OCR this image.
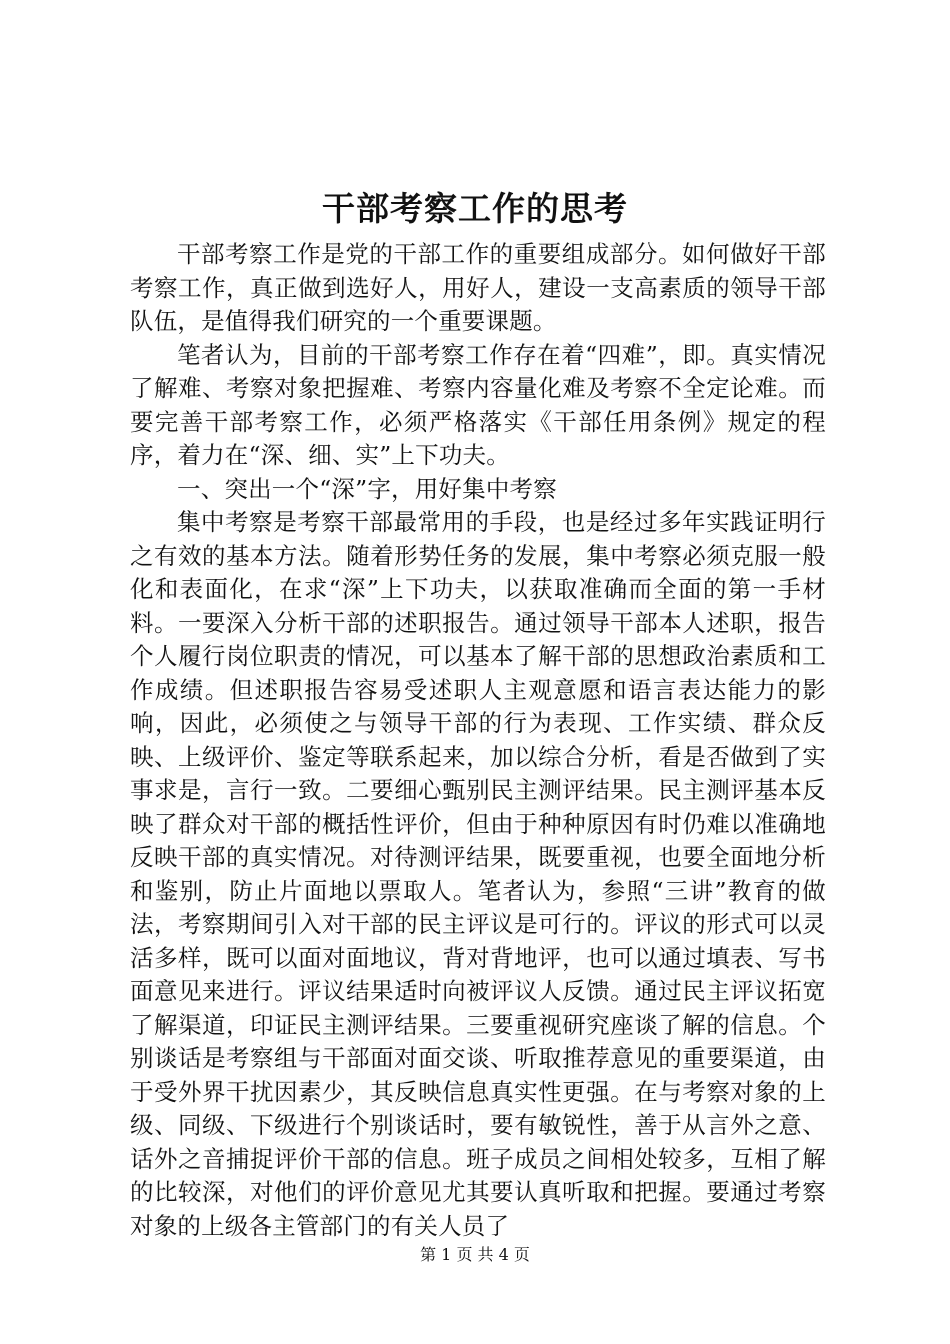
干部考察工作的思考

干部考察工作是党的干部工作的重要组成部分。如何做好干部考察工作，真正做到选好人，用好人，建设一支高素质的领导干部队伍，是值得我们研究的一个重要课题。

笔者认为，目前的干部考察工作存在着“四难”，即。真实情况了解难、考察对象把握难、考察内容量化难及考察不全定论难。而要完善干部考察工作，必须严格落实《干部任用条例》规定的程序，着力在“深、细、实”上下功夫。

一、突出一个“深”字，用好集中考察

集中考察是考察干部最常用的手段，也是经过多年实践证明行之有效的基本方法。随着形势任务的发展，集中考察必须克服一般化和表面化，在求“深”上下功夫，以获取准确而全面的第一手材料。一要深入分析干部的述职报告。通过领导干部本人述职，报告个人履行岗位职责的情况，可以基本了解干部的思想政治素质和工作成绩。但述职报告容易受述职人主观意愿和语言表达能力的影响，因此，必须使之与领导干部的行为表现、工作实绩、群众反映、上级评价、鉴定等联系起来，加以综合分析，看是否做到了实事求是，言行一致。二要细心甄别民主测评结果。民主测评基本反映了群众对干部的概括性评价，但由于种种原因有时仍难以准确地反映干部的真实情况。对待测评结果，既要重视，也要全面地分析和鉴别，防止片面地以票取人。笔者认为，参照“三讲”教育的做法，考察期间引入对干部的民主评议是可行的。评议的形式可以灵活多样，既可以面对面地议，背对背地评，也可以通过填表、写书面意见来进行。评议结果适时向被评议人反馈。通过民主评议拓宽了解渠道，印证民主测评结果。三要重视研究座谈了解的信息。个别谈话是考察组与干部面对面交谈、听取推荐意见的重要渠道，由于受外界干扰因素少，其反映信息真实性更强。在与考察对象的上级、同级、下级进行个别谈话时，要有敏锐性，善于从言外之意、话外之音捕捉评价干部的信息。班子成员之间相处较多，互相了解的比较深，对他们的评价意见尤其要认真听取和把握。要通过考察对象的上级各主管部门的有关人员了

第 1 页 共 4 页
